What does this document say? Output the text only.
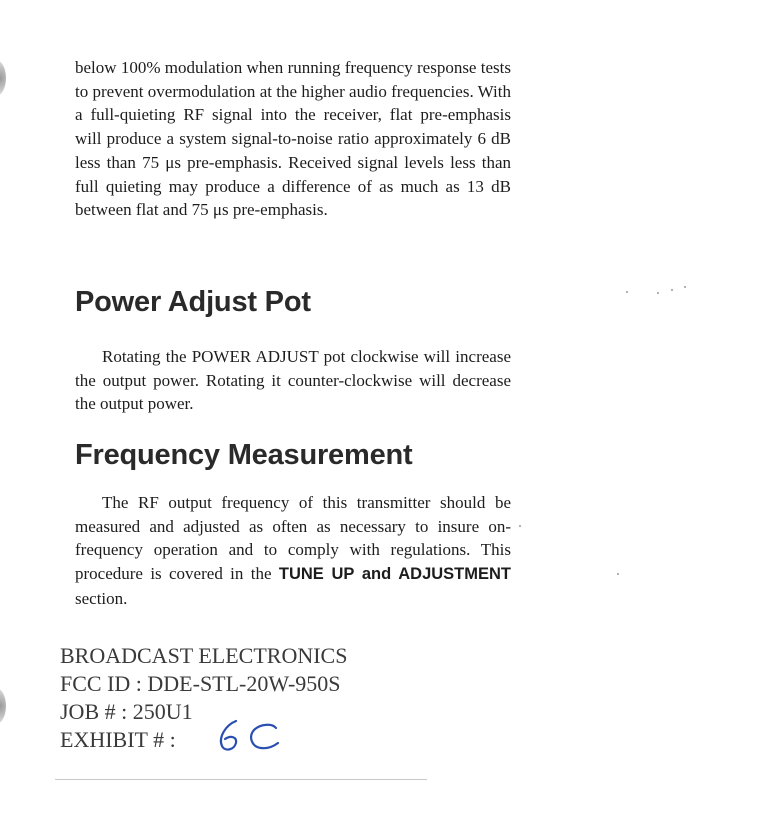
below 100% modulation when running frequency response tests to prevent overmodulation at the higher audio frequencies. With a full-quieting RF signal into the receiver, flat pre-emphasis will produce a system signal-to-noise ratio approximately 6 dB less than 75 μs pre-emphasis. Received signal levels less than full quieting may produce a difference of as much as 13 dB between flat and 75 μs pre-emphasis.

Power Adjust Pot

Rotating the POWER ADJUST pot clockwise will increase the output power. Rotating it counter-clockwise will decrease the output power.

Frequency Measurement

The RF output frequency of this transmitter should be measured and adjusted as often as necessary to insure on-frequency operation and to comply with regulations. This procedure is covered in the TUNE UP and ADJUSTMENT section.

BROADCAST ELECTRONICS
FCC ID : DDE-STL-20W-950S
JOB # : 250U1
EXHIBIT # :
